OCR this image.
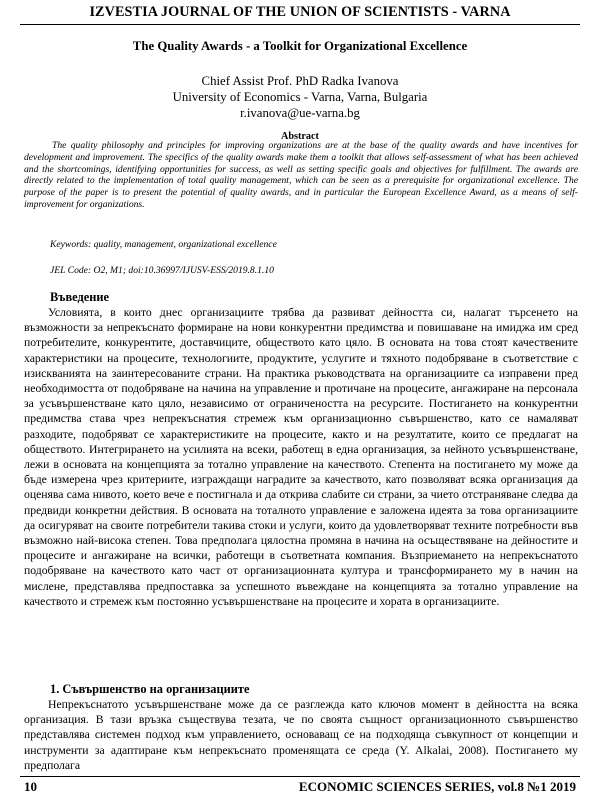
IZVESTIA JOURNAL OF THE UNION OF SCIENTISTS - VARNA
The Quality Awards - a Toolkit for Organizational Excellence
Chief Assist Prof. PhD Radka Ivanova
University of Economics - Varna, Varna, Bulgaria
r.ivanova@ue-varna.bg
Abstract

The quality philosophy and principles for improving organizations are at the base of the quality awards and have incentives for development and improvement. The specifics of the quality awards make them a toolkit that allows self-assessment of what has been achieved and the shortcomings, identifying opportunities for success, as well as setting specific goals and objectives for fulfillment. The awards are directly related to the implementation of total quality management, which can be seen as a prerequisite for organizational excellence. The purpose of the paper is to present the potential of quality awards, and in particular the European Excellence Award, as a means of self-improvement for organizations.

Keywords: quality, management, organizational excellence
JEL Code: O2, M1; doi:10.36997/IJUSV-ESS/2019.8.1.10
Въведение

Условията, в които днес организациите трябва да развиват дейността си, налагат търсенето на възможности за непрекъснато формиране на нови конкурентни предимства и повишаване на имиджа им сред потребителите, конкурентите, доставчиците, обществото като цяло. В основата на това стоят качествените характеристики на процесите, технологиите, продуктите, услугите и тяхното подобряване в съответствие с изискванията на заинтересованите страни. На практика ръководствата на организациите са изправени пред необходимостта от подобряване на начина на управление и протичане на процесите, ангажиране на персонала за усъвършенстване като цяло, независимо от ограничеността на ресурсите. Постигането на конкурентни предимства става чрез непрекъснатия стремеж към организационно съвършенство, като се намаляват разходите, подобряват се характеристиките на процесите, както и на резултатите, които се предлагат на обществото. Интегрирането на усилията на всеки, работещ в една организация, за нейното усъвършенстване, лежи в основата на концепцията за тотално управление на качеството. Степента на постигането му може да бъде измерена чрез критериите, изграждащи наградите за качеството, като позволяват всяка организация да оценява сама нивото, което вече е постигнала и да открива слабите си страни, за чието отстраняване следва да предвиди конкретни действия. В основата на тоталното управление е заложена идеята за това организациите да осигуряват на своите потребители такива стоки и услуги, които да удовлетворяват техните потребности във възможно най-висока степен. Това предполага цялостна промяна в начина на осъществяване на дейностите и процесите и ангажиране на всички, работещи в съответната компания. Възприемането на непрекъснатото подобряване на качеството като част от организационната култура и трансформирането му в начин на мислене, представлява предпоставка за успешното въвеждане на концепцията за тотално управление на качеството и стремеж към постоянно усъвършенстване на процесите и хората в организациите.

1. Съвършенство на организациите

Непрекъснатото усъвършенстване може да се разглежда като ключов момент в дейността на всяка организация. В тази връзка съществува тезата, че по своята същност организационното съвършенство представлява системен подход към управлението, основаващ се на подходяща съвкупност от концепции и инструменти за адаптиране към непрекъснато променящата се среда (Y. Alkalai, 2008). Постигането му предполага

10	ECONOMIC SCIENCES SERIES, vol.8 №1 2019
